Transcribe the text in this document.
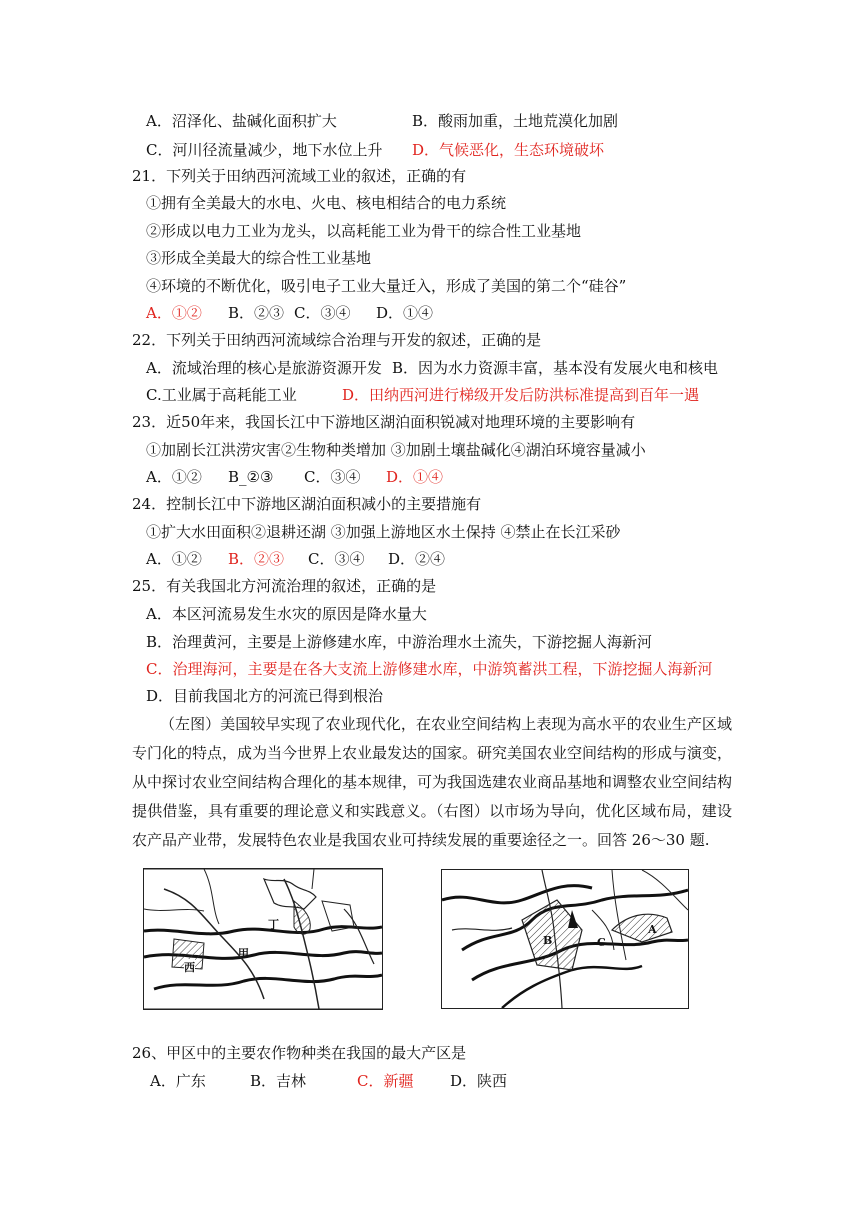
A．沼泽化、盐碱化面积扩大	B．酸雨加重，土地荒漠化加剧
C．河川径流量减少，地下水位上升 D．气候恶化，生态环境破坏
21．下列关于田纳西河流域工业的叙述，正确的有
①拥有全美最大的水电、火电、核电相结合的电力系统
②形成以电力工业为龙头，以高耗能工业为骨干的综合性工业基地
③形成全美最大的综合性工业基地
④环境的不断优化，吸引电子工业大量迁入，形成了美国的第二个“硅谷”
A．①② B．②③ C．③④ D．①④
22．下列关于田纳西河流域综合治理与开发的叙述，正确的是
A．流域治理的核心是旅游资源开发 B．因为水力资源丰富，基本没有发展火电和核电
C.工业属于高耗能工业	D．田纳西河进行梯级开发后防洪标准提高到百年一遇
23．近50年来，我国长江中下游地区湖泊面积锐减对地理环境的主要影响有
①加剧长江洪涝灾害②生物种类增加 ③加剧土壤盐碱化④湖泊环境容量减小
A．①② B_②③ C．③④ D．①④
24．控制长江中下游地区湖泊面积减小的主要措施有
①扩大水田面积②退耕还湖 ③加强上游地区水土保持 ④禁止在长江采砂
A．①② B．②③ C．③④ D．②④
25．有关我国北方河流治理的叙述，正确的是
A．本区河流易发生水灾的原因是降水量大
B．治理黄河，主要是上游修建水库，中游治理水土流失，下游挖掘人海新河
C．治理海河，主要是在各大支流上游修建水库，中游筑蓄洪工程，下游挖掘人海新河
D．目前我国北方的河流已得到根治
（左图）美国较早实现了农业现代化，在农业空间结构上表现为高水平的农业生产区域专门化的特点，成为当今世界上农业最发达的国家。研究美国农业空间结构的形成与演变，从中探讨农业空间结构合理化的基本规律，可为我国选建农业商品基地和调整农业空间结构提供借鉴，具有重要的理论意义和实践意义。（右图）以市场为导向，优化区域布局，建设农产品产业带，发展特色农业是我国农业可持续发展的重要途径之一。回答 26～30 题.
丁
甲
西
B	C
A
26、甲区中的主要农作物种类在我国的最大产区是
A．广东	B．吉林	C．新疆 D．陕西
